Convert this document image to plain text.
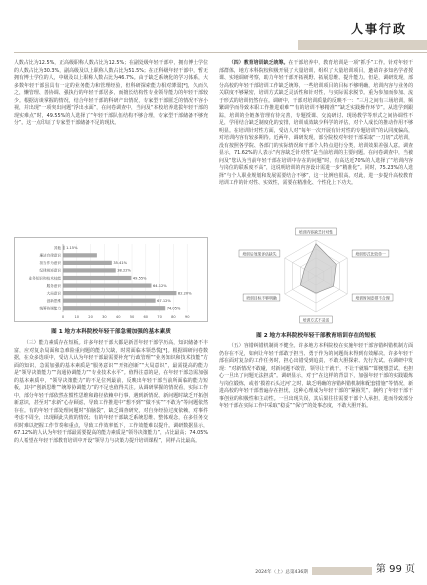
人事行政

人数占比为12.5%，正高级职称人数占比为12.5%；在副处级年轻干部中，拥有博士学位的人数占比为30.3%，副高级及以上职称人数占比为51.5%；在正科级年轻干部中，暂无拥有博士学位的人，中级及以上职称人数占比为46.7%。由于缺乏系统化的学习体系，大多数年轻干部虽具有一定的业务能力和管理经验，但科研探索能力相对薄弱[*]，久而久之，懒管理、善协调、强执行的年轻干部居多，而擅长结构性专业领导能力的年轻干部较少。根据访谈掌握的情况，结合年轻干部的科研产出情况，专家型干部匮乏的情况不容小视，并出现“一项突出问题“浮出水面”，在问卷调查中，当问及“本校培养选拔年轻干部的现实难点”时，49.55%的人选择了“年轻干部队伍结构不够合理，专家型干部储备不够充分”。这一点印证了专家型干部储备不足的现状。

0	10	20	30	40	50	60	70	80	90
其他 1.15%
廉洁自律意识
担当作为意识	35.41%
纪律规矩意识	38.22%
业务知识和技术技能	49.55%
服务意识	64.12%
大局意识	82.20%
创新思维	67.12%
统筹协调能力	74.05%
图 1 地方本科院校年轻干部急需加强的基本素质

（三）能力素质存在短板。许多年轻干部大都是新晋年轻干部学历高，知识储备不丰富，应对复杂局面和急难险重问题的能力欠缺，时常面临本领恐慌[*]。根据调研问卷数据，在众多选项中，受访人认为年轻干部最需要补充“行政管理”“业务知识和技术技能”方面的知识，急需加强的基本素质是“服务意识”“开拓创新”“大局意识”，最需提高的能力是“领导决策能力”“沟通协调能力”“专业技术水平”。值得注意的是，在年轻干部急需加强的基本素质中，“领导决策能力”的不足位列最前，反映出年轻干部当前所面临的能力短板，其中“创新思维”“统筹协调能力”的不足也值得关注。从调研掌握的情况看，实际工作中，部分年轻干部依然在惯性思维和路径依赖中行事，遇到新情况、新问题时缺乏开拓创新意识，甚至对“求新”心存顾虑，导致工作推进中“想不到”“做不实”“不敢为”等问题依然存在。有的年轻干部处理问题时“拍脑袋”，缺乏调查研究，对自身经验过度依赖，对事件考虑不周全，出现顾此失彼的情况；有的年轻干部缺乏系统思维、整体观念，在多任务交织时难以把握工作节奏和重点，导致工作效率低下，工作效能难以提升。调研数据显示，67.12%的人认为年轻干部最需要提高的能力素质是“领导决策能力”，占比最高；74.05%的人希望在年轻干部教育培训中开设“领导力与决策力提升培训课程”，同样占比最高。

（四）教育培训缺乏统筹。在干部培养中，教育培训是一项“抓手”工作。针对年轻干部群体，地方本科院校积极开展了大量培训，组织了大量培训项目，邀请许多知名学者授课、实地调研考察，助力年轻干部开拓视野、拓展思维、提升能力。但是，调研发现，部分高校的年轻干部培训工作缺乏统筹，一些培训项目的目标不够明确，培训内容与业务的关联度不够紧密，培训方式缺乏灵活性和针对性，与实际需求脱节。重为参加而参加、流于形式的培训仍然存在。调研中，干部对培训质量的反映不一：“三月之间有三场培训，频繁调学而导致本职工作推进艰难”“有的培训不够精准”“缺乏实践操作环节”。从选学到跟踪，培训的全链条管理有待完善，专题授课、交流研讨、现场教学等形式之间协调性不足，学用结合缺乏制度化的安排，培训成效缺少科学的评估，对个人成长的推动作用不够明显。在培训针对性方面，受访人对“每年一次开展有针对性的专题培训”的认同度偏高，对培训内容有较多期待。近两年，调研发现，部分院校对年轻干部采取“一刀切”式培训，没有按照各学院、各部门的实际情况和干部个人特点进行分类，培训效果差强人意。调查显示，71.62%的人表示“内容缺乏针对性”是当前培训的主要问题。在问卷调查中，当被问及“您认为当前年轻干部在培训中存在的问题”时，有高达近70%的人选择了“培训内容与岗位的联系度不高”，这说明培训的内容设计需进一步“精准化”。同时，75.23%的人选择“与个人职业规划和发展需要结合不够”，这一比例也很高。对此，进一步提升高校教育培训工作的针对性、实效性，需要在精准化、个性化上下功夫。

培训内容缺乏针对性
培训形式比较单一
培训时间安排不合理
培训方式不灵活
培训目标不够明确
培训后效果评估缺失
图 2 地方本科院校年轻干部教育培训存在的短板

（五）容错纠错机制尚不健全。许多地方本科院校在实施年轻干部容错纠错机制方面仍存在不足，如何让年轻干部敢于担当、勇于作为的问题尚未得到有效解决。许多年轻干部在面对复杂的工作任务时，担心出错受到追责，不敢大胆探索、先行先试。在调研中发现：“对新情况不敢碰，对新问题不敢管，领导让干就干，不让干就躲”“即便想尝试，也担心一旦出了问题无法担责”。调研显示，对于“在这样的背景下，加强年轻干部的实践锻炼与岗位锻炼，或者‘摸着石头过河’之时，缺乏明确的容错纠错机制和配套措施”等情况，新进高校的年轻干部普遍存在担忧，这种心理成为年轻干部的“紧箍咒”，制约了年轻干部干事创业的积极性和主动性。一旦出现失误，其后果往往需要干部个人承担，进而导致部分年轻干部在实际工作中采取“稳妥”“保守”的处事态度，不敢大胆开拓。

2024年（上）总第436期	第 99 页
